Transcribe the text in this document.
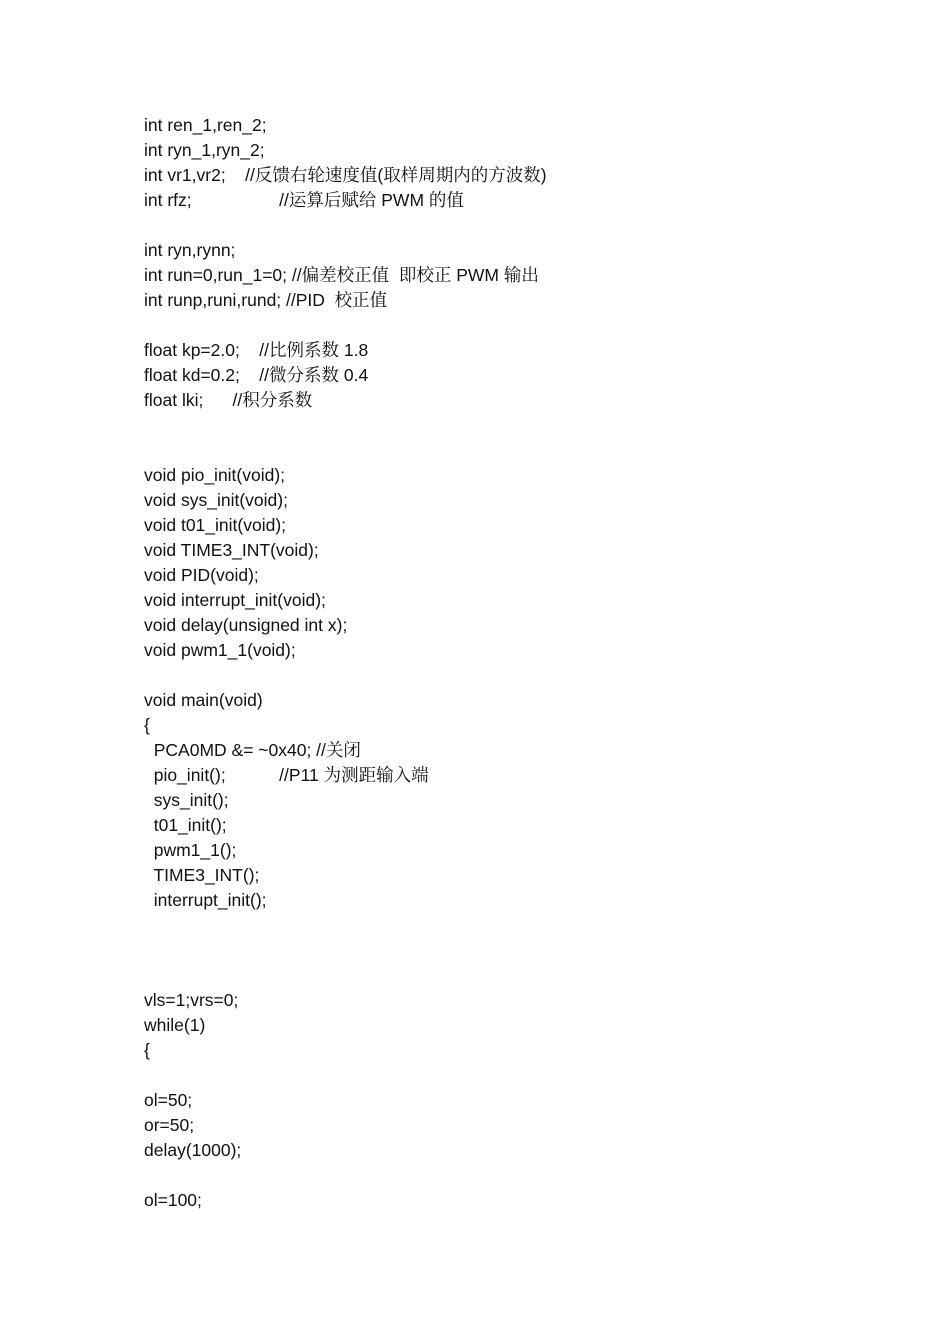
int ren_1,ren_2;
int ryn_1,ryn_2;
int vr1,vr2;    //反馈右轮速度值(取样周期内的方波数)
int rfz;                  //运算后赋给 PWM 的值
int ryn,rynn;
int run=0,run_1=0; //偏差校正值  即校正 PWM 输出
int runp,runi,rund; //PID  校正值
float kp=2.0;    //比例系数 1.8
float kd=0.2;    //微分系数 0.4
float lki;      //积分系数
void pio_init(void);
void sys_init(void);
void t01_init(void);
void TIME3_INT(void);
void PID(void);
void interrupt_init(void);
void delay(unsigned int x);
void pwm1_1(void);
void main(void)
{
PCA0MD &= ~0x40; //关闭
pio_init();           //P11 为测距输入端
sys_init();
t01_init();
pwm1_1();
TIME3_INT();
interrupt_init();
vls=1;vrs=0;
while(1)
{
ol=50;
or=50;
delay(1000);
ol=100;
